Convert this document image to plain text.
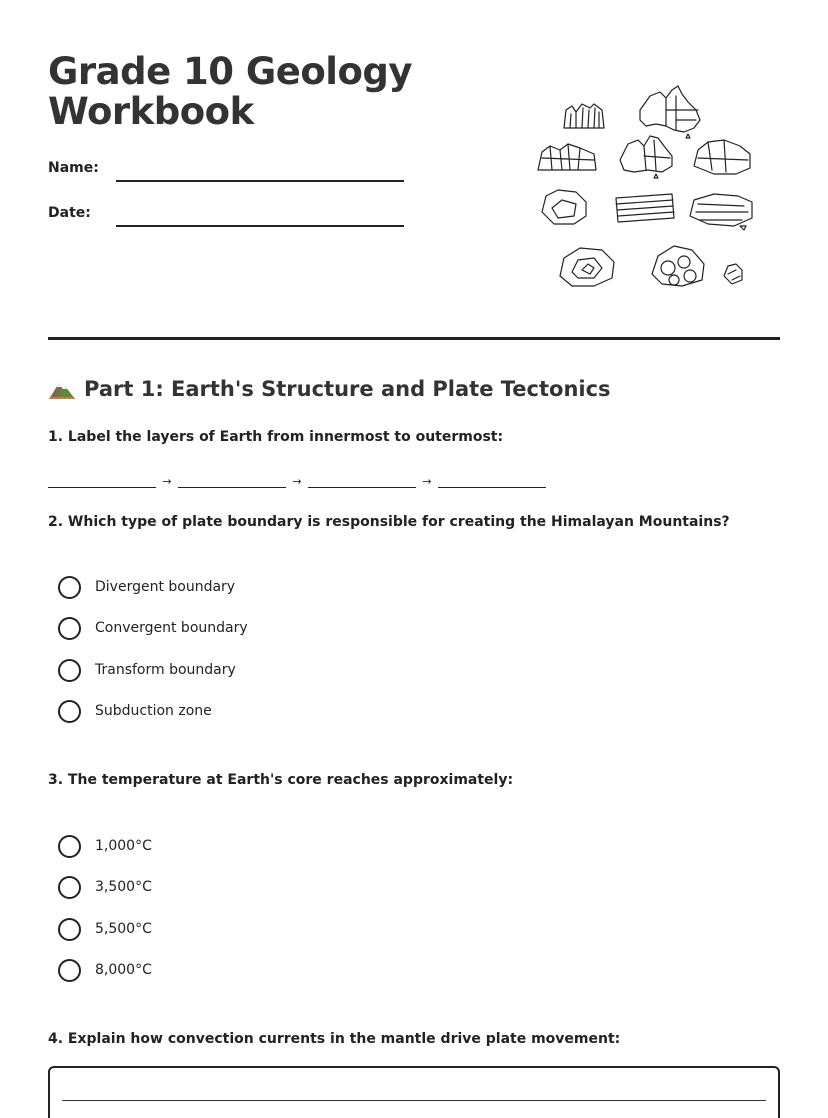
Grade 10 Geology
Workbook
Name:
Date:
Part 1: Earth's Structure and Plate Tectonics
1. Label the layers of Earth from innermost to outermost:
→	→	→
2. Which type of plate boundary is responsible for creating the Himalayan Mountains?
Divergent boundary
Convergent boundary
Transform boundary
Subduction zone
3. The temperature at Earth's core reaches approximately:
1,000°C
3,500°C
5,500°C
8,000°C
4. Explain how convection currents in the mantle drive plate movement:
